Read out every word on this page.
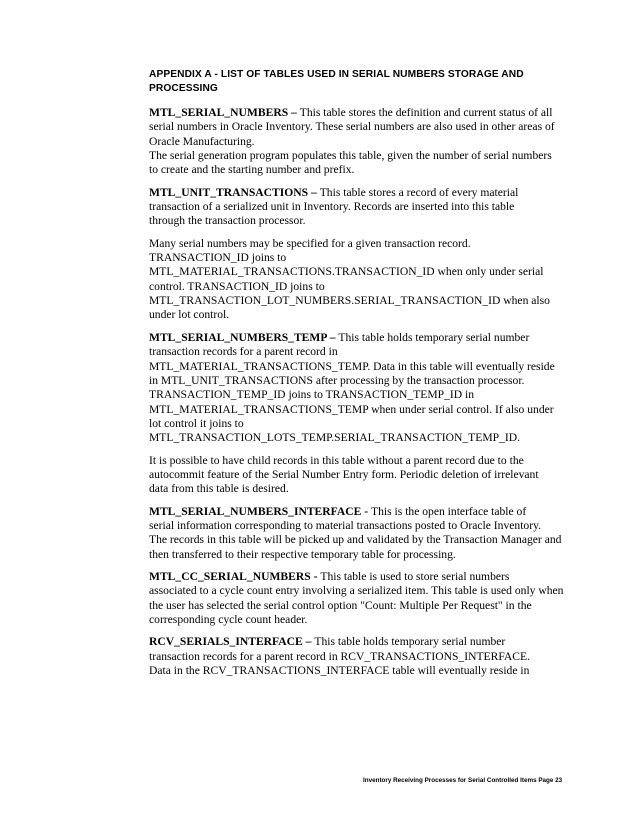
APPENDIX A - LIST OF TABLES USED IN SERIAL NUMBERS STORAGE AND
PROCESSING
MTL_SERIAL_NUMBERS – This table stores the definition and current status of all
serial numbers in Oracle Inventory. These serial numbers are also used in other areas of
Oracle Manufacturing.
The serial generation program populates this table, given the number of serial numbers
to create and the starting number and prefix.
MTL_UNIT_TRANSACTIONS – This table stores a record of every material
transaction of a serialized unit in Inventory. Records are inserted into this table
through the transaction processor.
Many serial numbers may be specified for a given transaction record.
TRANSACTION_ID joins to
MTL_MATERIAL_TRANSACTIONS.TRANSACTION_ID when only under serial
control. TRANSACTION_ID joins to
MTL_TRANSACTION_LOT_NUMBERS.SERIAL_TRANSACTION_ID when also
under lot control.
MTL_SERIAL_NUMBERS_TEMP – This table holds temporary serial number
transaction records for a parent record in
MTL_MATERIAL_TRANSACTIONS_TEMP. Data in this table will eventually reside
in MTL_UNIT_TRANSACTIONS after processing by the transaction processor.
TRANSACTION_TEMP_ID joins to TRANSACTION_TEMP_ID in
MTL_MATERIAL_TRANSACTIONS_TEMP when under serial control. If also under
lot control it joins to
MTL_TRANSACTION_LOTS_TEMP.SERIAL_TRANSACTION_TEMP_ID.
It is possible to have child records in this table without a parent record due to the
autocommit feature of the Serial Number Entry form. Periodic deletion of irrelevant
data from this table is desired.
MTL_SERIAL_NUMBERS_INTERFACE - This is the open interface table of
serial information corresponding to material transactions posted to Oracle Inventory.
The records in this table will be picked up and validated by the Transaction Manager and
then transferred to their respective temporary table for processing.
MTL_CC_SERIAL_NUMBERS - This table is used to store serial numbers
associated to a cycle count entry involving a serialized item. This table is used only when
the user has selected the serial control option "Count: Multiple Per Request" in the
corresponding cycle count header.
RCV_SERIALS_INTERFACE – This table holds temporary serial number
transaction records for a parent record in RCV_TRANSACTIONS_INTERFACE.
Data in the RCV_TRANSACTIONS_INTERFACE table will eventually reside in
Inventory Receiving Processes for Serial Controlled Items Page 23
